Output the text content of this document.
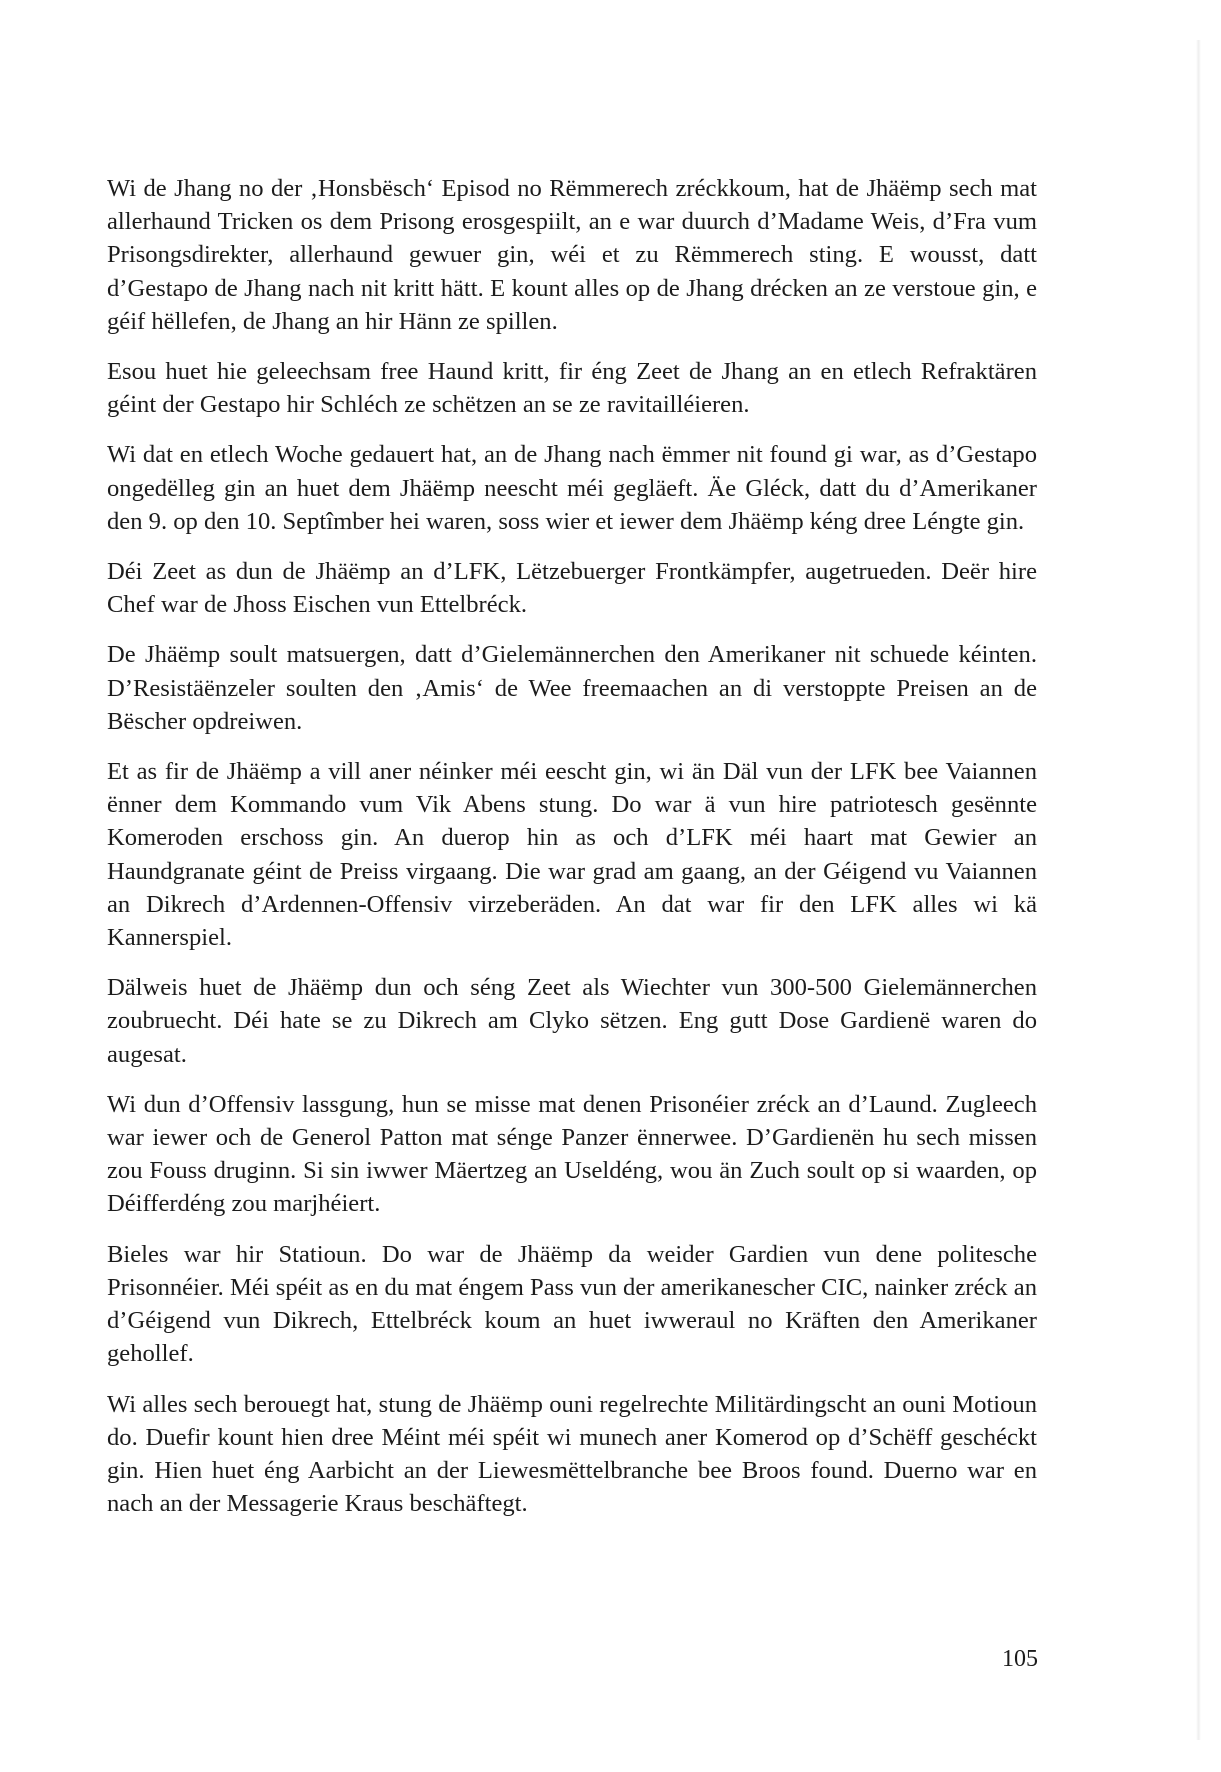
Wi de Jhang no der ‚Honsbësch‘ Episod no Rëmmerech zréckkoum, hat de Jhäëmp sech mat allerhaund Tricken os dem Prisong erosgespiilt, an e war duurch d’Madame Weis, d’Fra vum Prisongsdirekter, allerhaund gewuer gin, wéi et zu Rëmmerech sting. E wousst, datt d’Gestapo de Jhang nach nit kritt hätt. E kount alles op de Jhang drécken an ze verstoue gin, e géif hëllefen, de Jhang an hir Hänn ze spillen.

Esou huet hie geleechsam free Haund kritt, fir éng Zeet de Jhang an en etlech Refraktären géint der Gestapo hir Schléch ze schëtzen an se ze ravitailléieren.

Wi dat en etlech Woche gedauert hat, an de Jhang nach ëmmer nit found gi war, as d’Gestapo ongedëlleg gin an huet dem Jhäëmp neescht méi gegläeft. Äe Gléck, datt du d’Amerikaner den 9. op den 10. Septîmber hei waren, soss wier et iewer dem Jhäëmp kéng dree Léngte gin.

Déi Zeet as dun de Jhäëmp an d’LFK, Lëtzebuerger Frontkämpfer, augetrueden. Deër hire Chef war de Jhoss Eischen vun Ettelbréck.

De Jhäëmp soult matsuergen, datt d’Gielemännerchen den Amerikaner nit schuede kéinten. D’Resistäënzeler soulten den ‚Amis‘ de Wee freemaachen an di verstoppte Preisen an de Bëscher opdreiwen.

Et as fir de Jhäëmp a vill aner néinker méi eescht gin, wi än Däl vun der LFK bee Vaiannen ënner dem Kommando vum Vik Abens stung. Do war ä vun hire patriotesch gesënnte Komeroden erschoss gin. An duerop hin as och d’LFK méi haart mat Gewier an Haundgranate géint de Preiss virgaang. Die war grad am gaang, an der Géigend vu Vaiannen an Dikrech d’Ardennen-Offensiv virzeberäden. An dat war fir den LFK alles wi kä Kannerspiel.

Dälweis huet de Jhäëmp dun och séng Zeet als Wiechter vun 300-500 Gielemännerchen zoubruecht. Déi hate se zu Dikrech am Clyko sëtzen. Eng gutt Dose Gardienë waren do augesat.

Wi dun d’Offensiv lassgung, hun se misse mat denen Prisonéier zréck an d’Laund. Zugleech war iewer och de Generol Patton mat sénge Panzer ënnerwee. D’Gardienën hu sech missen zou Fouss druginn. Si sin iwwer Mäertzeg an Useldéng, wou än Zuch soult op si waarden, op Déifferdéng zou marjhéiert.

Bieles war hir Statioun. Do war de Jhäëmp da weider Gardien vun dene politesche Prisonnéier. Méi spéit as en du mat éngem Pass vun der amerikanescher CIC, nainker zréck an d’Géigend vun Dikrech, Ettelbréck koum an huet iwweraul no Kräften den Amerikaner gehollef.

Wi alles sech berouegt hat, stung de Jhäëmp ouni regelrechte Militärdingscht an ouni Motioun do. Duefir kount hien dree Méint méi spéit wi munech aner Komerod op d’Schëff geschéckt gin. Hien huet éng Aarbicht an der Liewesmëttelbranche bee Broos found. Duerno war en nach an der Messagerie Kraus beschäftegt.

105
